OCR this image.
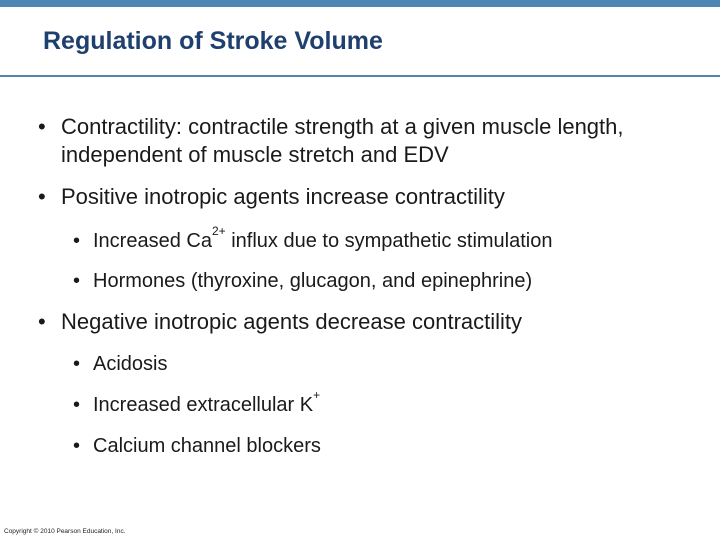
Regulation of Stroke Volume
• Contractility: contractile strength at a given muscle length, independent of muscle stretch and EDV
• Positive inotropic agents increase contractility
• Increased $Ca^{2+}$ influx due to sympathetic stimulation
• Hormones (thyroxine, glucagon, and epinephrine)
• Negative inotropic agents decrease contractility
• Acidosis
• Increased extracellular K+
• Calcium channel blockers
Copyright © 2010 Pearson Education, Inc.
